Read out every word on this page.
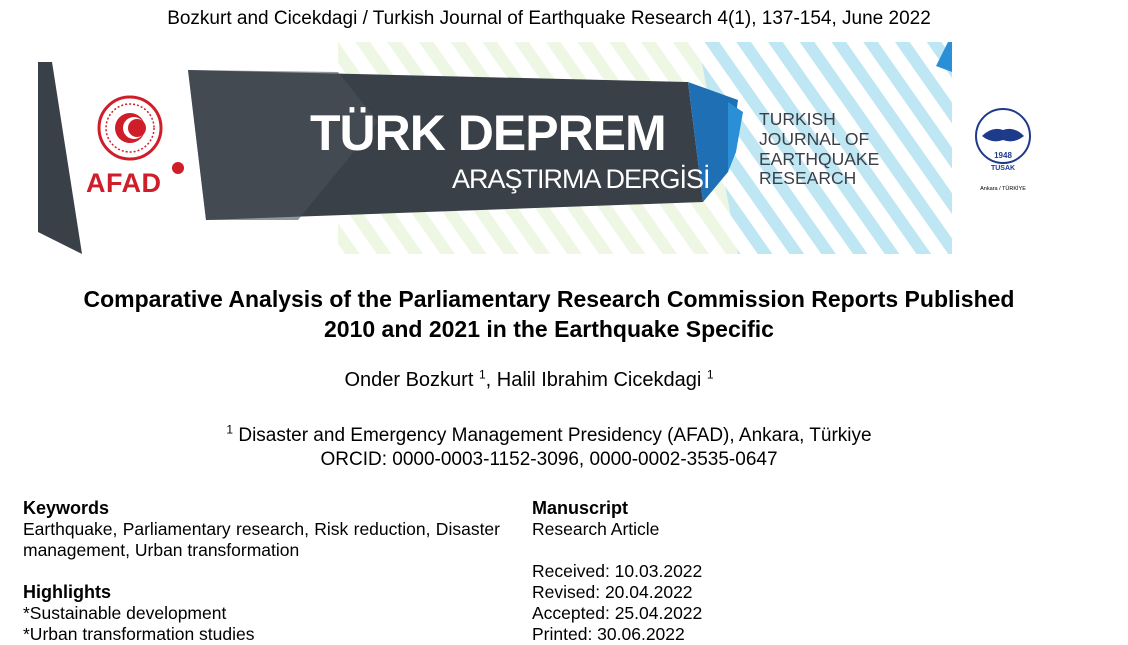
Bozkurt and Cicekdagi / Turkish Journal of Earthquake Research 4(1), 137-154, June 2022
AFAD
TÜRK DEPREM
ARAŞTIRMA DERGİSİ
TURKISH
JOURNAL OF
EARTHQUAKE
RESEARCH
1948
TUSAK
Ankara / TÜRKİYE
Comparative Analysis of the Parliamentary Research Commission Reports Published
2010 and 2021 in the Earthquake Specific
Onder Bozkurt $^1$, Halil Ibrahim Cicekdagi $^1$
$^1$ Disaster and Emergency Management Presidency (AFAD), Ankara, Türkiye
ORCID: 0000-0003-1152-3096, 0000-0002-3535-0647
Keywords
Earthquake, Parliamentary research, Risk reduction, Disaster management, Urban transformation
Highlights
*Sustainable development
*Urban transformation studies
Manuscript
Research Article
Received: 10.03.2022
Revised: 20.04.2022
Accepted: 25.04.2022
Printed: 30.06.2022
